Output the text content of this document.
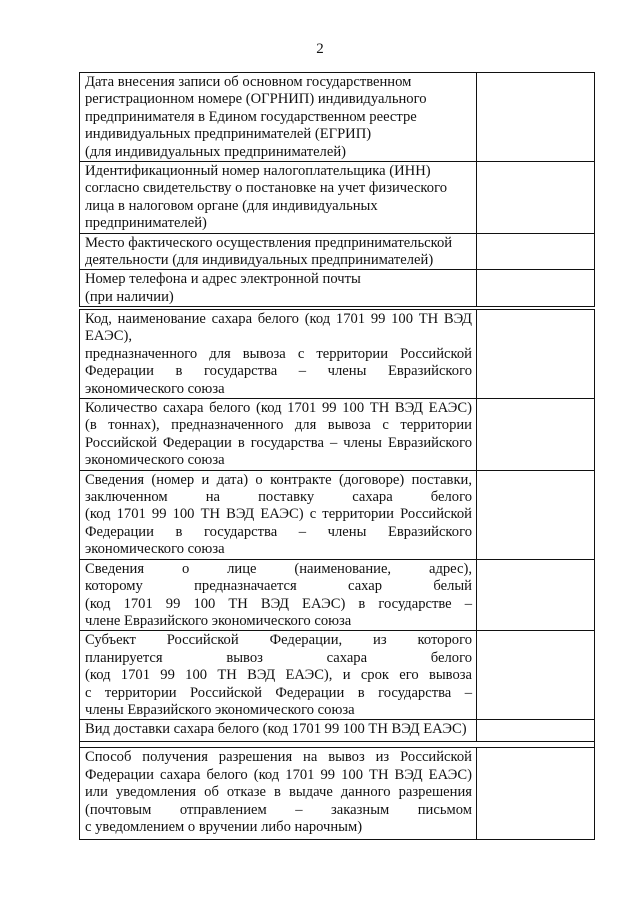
2
Дата внесения записи об основном государственном
регистрационном номере (ОГРНИП) индивидуального
предпринимателя в Едином государственном реестре
индивидуальных предпринимателей (ЕГРИП)
(для индивидуальных предпринимателей)	

Идентификационный номер налогоплательщика (ИНН)
согласно свидетельству о постановке на учет физического
лица в налоговом органе (для индивидуальных
предпринимателей)	

Место фактического осуществления предпринимательской
деятельности (для индивидуальных предпринимателей)	

Номер телефона и адрес электронной почты
(при наличии)	

Код, наименование сахара белого (код 1701 99 100 ТН ВЭД ЕАЭС),
предназначенного для вывоза с территории Российской
Федерации в государства – члены Евразийского
экономического союза	

Количество сахара белого (код 1701 99 100 ТН ВЭД ЕАЭС)
(в тоннах), предназначенного для вывоза с территории
Российской Федерации в государства – члены Евразийского
экономического союза	

Сведения (номер и дата) о контракте (договоре) поставки,
заключенном на поставку сахара белого
(код 1701 99 100 ТН ВЭД ЕАЭС) с территории Российской
Федерации в государства – члены Евразийского
экономического союза	

Сведения о лице (наименование, адрес),
которому предназначается сахар белый
(код 1701 99 100 ТН ВЭД ЕАЭС) в государстве –
члене Евразийского экономического союза	

Субъект Российской Федерации, из которого
планируется вывоз сахара белого
(код 1701 99 100 ТН ВЭД ЕАЭС), и срок его вывоза
с территории Российской Федерации в государства –
члены Евразийского экономического союза	

Вид доставки сахара белого (код 1701 99 100 ТН ВЭД ЕАЭС)	

Способ получения разрешения на вывоз из Российской
Федерации сахара белого (код 1701 99 100 ТН ВЭД ЕАЭС)
или уведомления об отказе в выдаче данного разрешения
(почтовым отправлением – заказным письмом
с уведомлением о вручении либо нарочным)	
